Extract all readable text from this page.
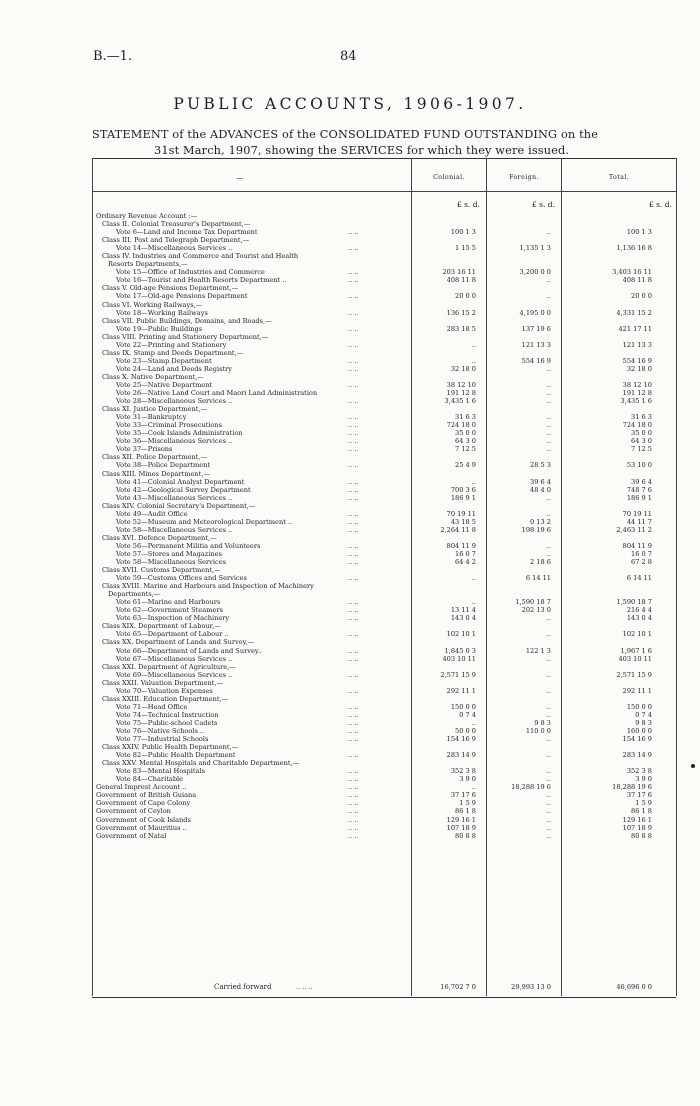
B.—1.	84
PUBLIC ACCOUNTS, 1906-1907.
STATEMENT of the ADVANCES of the CONSOLIDATED FUND OUTSTANDING on the
31st March, 1907, showing the SERVICES for which they were issued.
—	Colonial.	Foreign.	Total.
£ s. d.	£ s. d.	£ s. d.
Ordinary Revenue Account :—
Class II. Colonial Treasurer's Department,—
Vote 6—Land and Income Tax Department	.. ..	100 1 3	..	100 1 3
Class III. Post and Telegraph Department,—
Vote 14—Miscellaneous Services ..	.. ..	1 15 5	1,135 1 3	1,136 16 8
Class IV. Industries and Commerce and Tourist and Health
Resorts Departments,—
Vote 15—Office of Industries and Commerce	.. ..	203 16 11	3,200 0 0	3,403 16 11
Vote 16—Tourist and Health Resorts Department ..	.. ..	408 11 8	..	408 11 8
Class V. Old-age Pensions Department,—
Vote 17—Old-age Pensions Department	.. ..	20 0 0	..	20 0 0
Class VI. Working Railways,—
Vote 18—Working Railways	.. ..	136 15 2	4,195 0 0	4,331 15 2
Class VII. Public Buildings, Domains, and Roads,—
Vote 19—Public Buildings	.. ..	283 18 5	137 19 6	421 17 11
Class VIII. Printing and Stationery Department,—
Vote 22—Printing and Stationery	.. ..	..	121 13 3	121 13 3
Class IX. Stamp and Deeds Department,—
Vote 23—Stamp Department	.. ..	..	554 16 9	554 16 9
Vote 24—Land and Deeds Registry	.. ..	32 18 0	..	32 18 0
Class X. Native Department,—
Vote 25—Native Department	.. ..	38 12 10	..	38 12 10
Vote 26—Native Land Court and Maori Land Administration	191 12 8	..	191 12 8
Vote 28—Miscellaneous Services ..	.. ..	3,435 1 6	..	3,435 1 6
Class XI. Justice Department,—
Vote 31—Bankruptcy	.. ..	31 6 3	..	31 6 3
Vote 33—Criminal Prosecutions	.. ..	724 18 0	..	724 18 0
Vote 35—Cook Islands Administration	.. ..	35 0 0	..	35 0 0
Vote 36—Miscellaneous Services ..	.. ..	64 3 0	..	64 3 0
Vote 37—Prisons	.. ..	7 12 5	..	7 12 5
Class XII. Police Department,—
Vote 38—Police Department	.. ..	25 4 9	28 5 3	53 10 0
Class XIII. Mines Department,—
Vote 41—Colonial Analyst Department	.. ..	..	39 6 4	39 6 4
Vote 42—Geological Survey Department	.. ..	700 3 6	48 4 0	748 7 6
Vote 43—Miscellaneous Services ..	.. ..	186 9 1	..	186 9 1
Class XIV. Colonial Secretary's Department,—
Vote 49—Audit Office	.. ..	70 19 11	..	70 19 11
Vote 52—Museum and Meteorological Department ..	.. ..	43 18 5	0 13 2	44 11 7
Vote 58—Miscellaneous Services ..	.. ..	2,264 11 8	198 19 6	2,463 11 2
Class XVI. Defence Department,—
Vote 56—Permanent Militia and Volunteers	.. ..	804 11 9	..	804 11 9
Vote 57—Stores and Magazines	.. ..	16 0 7	..	16 0 7
Vote 58—Miscellaneous Services	.. ..	64 4 2	2 18 6	67 2 8
Class XVII. Customs Department,—
Vote 59—Customs Offices and Services	.. ..	..	6 14 11	6 14 11
Class XVIII. Marine and Harbours and Inspection of Machinery
Departments,—
Vote 61—Marine and Harbours	.. ..	..	1,590 18 7	1,590 18 7
Vote 62—Government Steamers	.. ..	13 11 4	202 13 0	216 4 4
Vote 63—Inspection of Machinery	.. ..	143 0 4	..	143 0 4
Class XIX. Department of Labour,—
Vote 65—Department of Labour ..	.. ..	102 10 1	..	102 10 1
Class XX. Department of Lands and Survey,—
Vote 66—Department of Lands and Survey..	.. ..	1,845 0 3	122 1 3	1,967 1 6
Vote 67—Miscellaneous Services ..	.. ..	403 10 11	..	403 10 11
Class XXI. Department of Agriculture,—
Vote 69—Miscellaneous Services ..	.. ..	2,571 15 9	..	2,571 15 9
Class XXII. Valuation Department,—
Vote 70—Valuation Expenses	.. ..	292 11 1	..	292 11 1
Class XXIII. Education Department,—
Vote 71—Head Office	.. ..	150 0 0	..	150 0 0
Vote 74—Technical Instruction	.. ..	0 7 4	..	0 7 4
Vote 75—Public-school Cadets	.. ..	..	9 8 3	9 8 3
Vote 76—Native Schools ..	.. ..	50 0 0	110 0 0	160 0 0
Vote 77—Industrial Schools	.. ..	154 16 9	..	154 16 9
Class XXIV. Public Health Department,—
Vote 82—Public Health Department	.. ..	283 14 9	..	283 14 9
Class XXV. Mental Hospitals and Charitable Department,—
Vote 83—Mental Hospitals	.. ..	352 3 8	..	352 3 8
Vote 84—Charitable	.. ..	3 9 0	..	3 9 0
General Imprest Account ..	.. ..	..	18,288 19 6	18,288 19 6
Government of British Guiana	.. ..	37 17 6	..	37 17 6
Government of Cape Colony	.. ..	1 5 9	..	1 5 9
Government of Ceylon	.. ..	86 1 8	..	86 1 8
Government of Cook Islands	.. ..	129 16 1	..	129 16 1
Government of Mauritius ..	.. ..	107 18 9	..	107 18 9
Government of Natal	.. ..	80 8 8	..	80 8 8
Carried forward	.. .. ..	16,702 7 0	29,993 13 0	46,696 0 0
